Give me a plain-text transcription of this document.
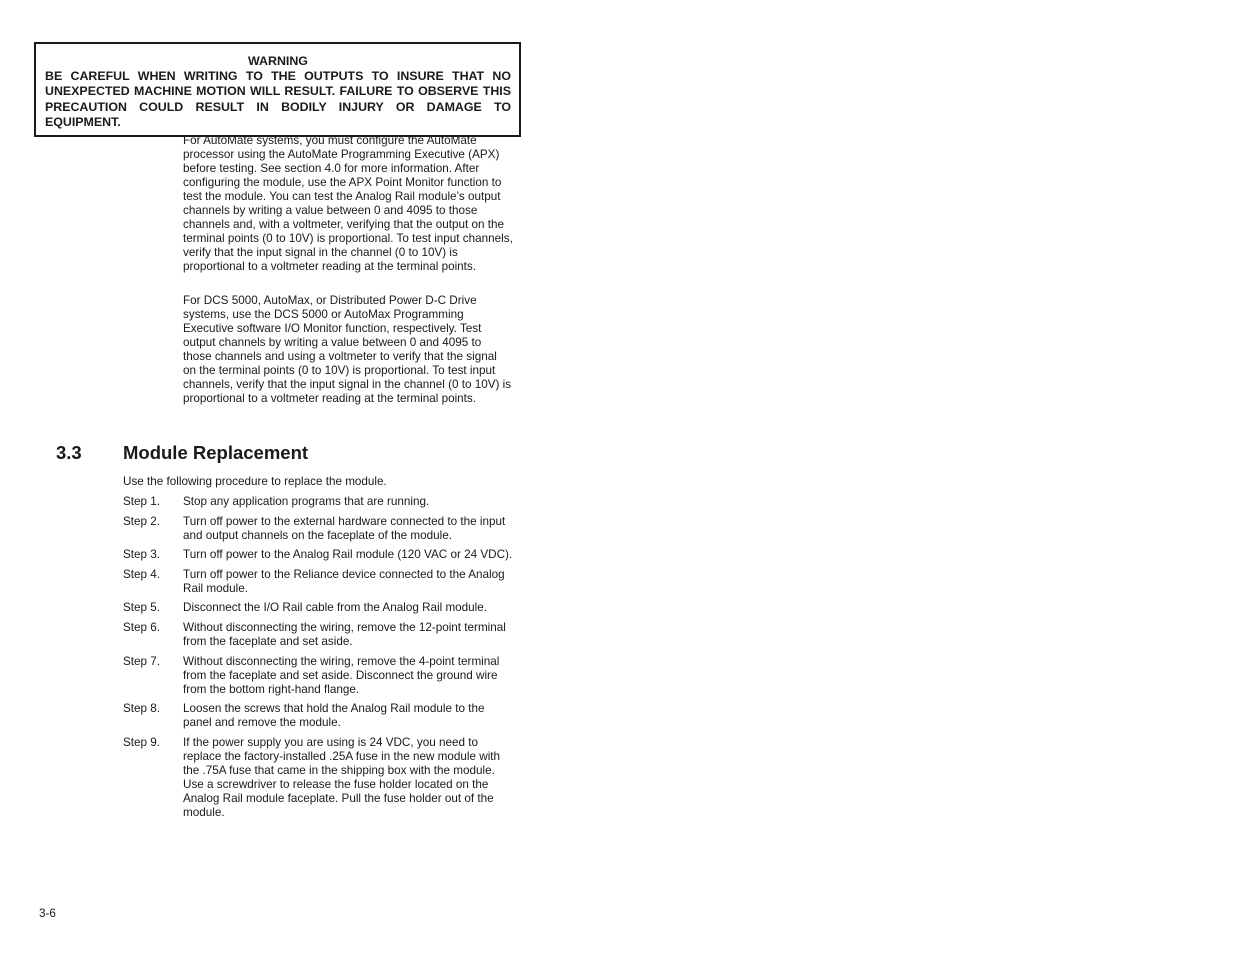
WARNING
BE CAREFUL WHEN WRITING TO THE OUTPUTS TO INSURE THAT NO UNEXPECTED MACHINE MOTION WILL RESULT. FAILURE TO OBSERVE THIS PRECAUTION COULD RESULT IN BODILY INJURY OR DAMAGE TO EQUIPMENT.
For AutoMate systems, you must configure the AutoMate processor using the AutoMate Programming Executive (APX) before testing. See section 4.0 for more information. After configuring the module, use the APX Point Monitor function to test the module. You can test the Analog Rail module’s output channels by writing a value between 0 and 4095 to those channels and, with a voltmeter, verifying that the output on the terminal points (0 to 10V) is proportional. To test input channels, verify that the input signal in the channel (0 to 10V) is proportional to a voltmeter reading at the terminal points.
For DCS 5000, AutoMax, or Distributed Power D-C Drive systems, use the DCS 5000 or AutoMax Programming Executive software I/O Monitor function, respectively. Test output channels by writing a value between 0 and 4095 to those channels and using a voltmeter to verify that the signal on the terminal points (0 to 10V) is proportional. To test input channels, verify that the input signal in the channel (0 to 10V) is proportional to a voltmeter reading at the terminal points.
3.3 Module Replacement
Use the following procedure to replace the module.
Step 1.	Stop any application programs that are running.
Step 2.	Turn off power to the external hardware connected to the input and output channels on the faceplate of the module.
Step 3.	Turn off power to the Analog Rail module (120 VAC or 24 VDC).
Step 4.	Turn off power to the Reliance device connected to the Analog Rail module.
Step 5.	Disconnect the I/O Rail cable from the Analog Rail module.
Step 6.	Without disconnecting the wiring, remove the 12-point terminal from the faceplate and set aside.
Step 7.	Without disconnecting the wiring, remove the 4-point terminal from the faceplate and set aside. Disconnect the ground wire from the bottom right-hand flange.
Step 8.	Loosen the screws that hold the Analog Rail module to the panel and remove the module.
Step 9.	If the power supply you are using is 24 VDC, you need to replace the factory-installed .25A fuse in the new module with the .75A fuse that came in the shipping box with the module. Use a screwdriver to release the fuse holder located on the Analog Rail module faceplate. Pull the fuse holder out of the module.
3-6
